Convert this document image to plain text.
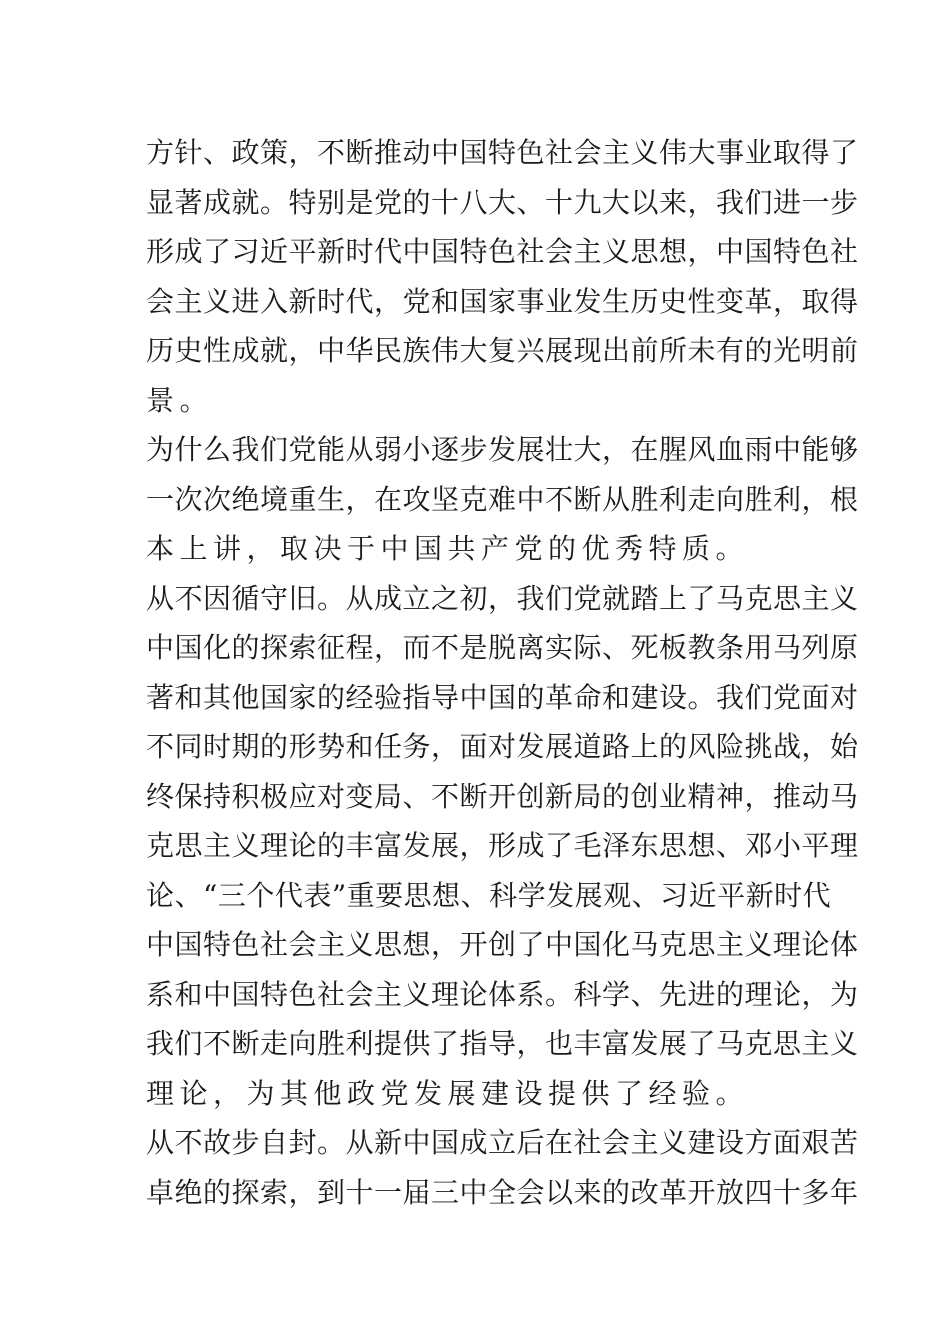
方针、政策，不断推动中国特色社会主义伟大事业取得了
显著成就。特别是党的十八大、十九大以来，我们进一步
形成了习近平新时代中国特色社会主义思想，中国特色社
会主义进入新时代，党和国家事业发生历史性变革，取得
历史性成就，中华民族伟大复兴展现出前所未有的光明前
景。
为什么我们党能从弱小逐步发展壮大，在腥风血雨中能够
一次次绝境重生，在攻坚克难中不断从胜利走向胜利，根
本上讲，取决于中国共产党的优秀特质。
从不因循守旧。从成立之初，我们党就踏上了马克思主义
中国化的探索征程，而不是脱离实际、死板教条用马列原
著和其他国家的经验指导中国的革命和建设。我们党面对
不同时期的形势和任务，面对发展道路上的风险挑战，始
终保持积极应对变局、不断开创新局的创业精神，推动马
克思主义理论的丰富发展，形成了毛泽东思想、邓小平理
论、“三个代表”重要思想、科学发展观、习近平新时代
中国特色社会主义思想，开创了中国化马克思主义理论体
系和中国特色社会主义理论体系。科学、先进的理论，为
我们不断走向胜利提供了指导，也丰富发展了马克思主义
理论，为其他政党发展建设提供了经验。
从不故步自封。从新中国成立后在社会主义建设方面艰苦
卓绝的探索，到十一届三中全会以来的改革开放四十多年
